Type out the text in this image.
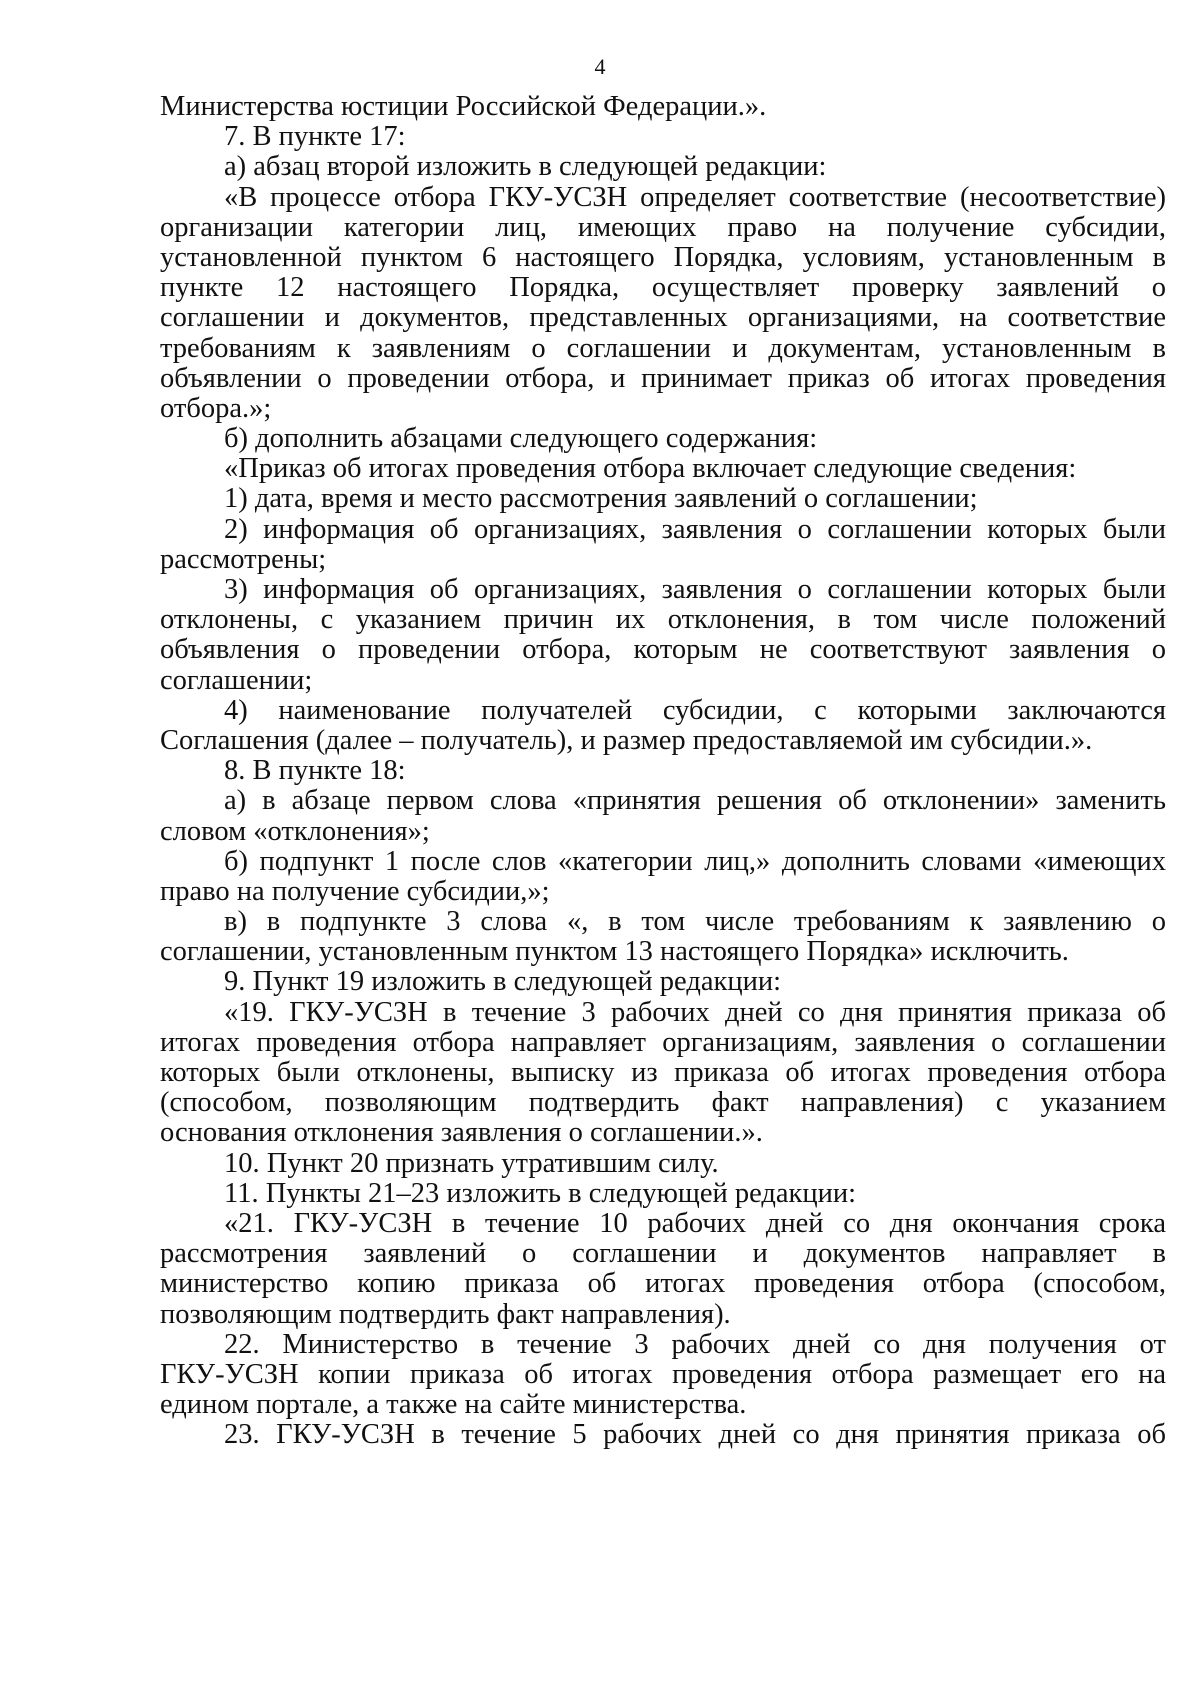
4
Министерства юстиции Российской Федерации.».
7. В пункте 17:
а) абзац второй изложить в следующей редакции:
«В процессе отбора ГКУ-УСЗН определяет соответствие (несоответствие)
организации категории лиц, имеющих право на получение субсидии,
установленной пунктом 6 настоящего Порядка, условиям, установленным в
пункте 12 настоящего Порядка, осуществляет проверку заявлений о
соглашении и документов, представленных организациями, на соответствие
требованиям к заявлениям о соглашении и документам, установленным в
объявлении о проведении отбора, и принимает приказ об итогах проведения
отбора.»;
б) дополнить абзацами следующего содержания:
«Приказ об итогах проведения отбора включает следующие сведения:
1) дата, время и место рассмотрения заявлений о соглашении;
2) информация об организациях, заявления о соглашении которых были
рассмотрены;
3) информация об организациях, заявления о соглашении которых были
отклонены, с указанием причин их отклонения, в том числе положений
объявления о проведении отбора, которым не соответствуют заявления о
соглашении;
4) наименование получателей субсидии, с которыми заключаются
Соглашения (далее – получатель), и размер предоставляемой им субсидии.».
8. В пункте 18:
а) в абзаце первом слова «принятия решения об отклонении» заменить
словом «отклонения»;
б) подпункт 1 после слов «категории лиц,» дополнить словами «имеющих
право на получение субсидии,»;
в) в подпункте 3 слова «, в том числе требованиям к заявлению о
соглашении, установленным пунктом 13 настоящего Порядка» исключить.
9. Пункт 19 изложить в следующей редакции:
«19. ГКУ-УСЗН в течение 3 рабочих дней со дня принятия приказа об
итогах проведения отбора направляет организациям, заявления о соглашении
которых были отклонены, выписку из приказа об итогах проведения отбора
(способом, позволяющим подтвердить факт направления) с указанием
основания отклонения заявления о соглашении.».
10. Пункт 20 признать утратившим силу.
11. Пункты 21–23 изложить в следующей редакции:
«21. ГКУ-УСЗН в течение 10 рабочих дней со дня окончания срока
рассмотрения заявлений о соглашении и документов направляет в
министерство копию приказа об итогах проведения отбора (способом,
позволяющим подтвердить факт направления).
22. Министерство в течение 3 рабочих дней со дня получения от
ГКУ-УСЗН копии приказа об итогах проведения отбора размещает его на
едином портале, а также на сайте министерства.
23. ГКУ-УСЗН в течение 5 рабочих дней со дня принятия приказа об
